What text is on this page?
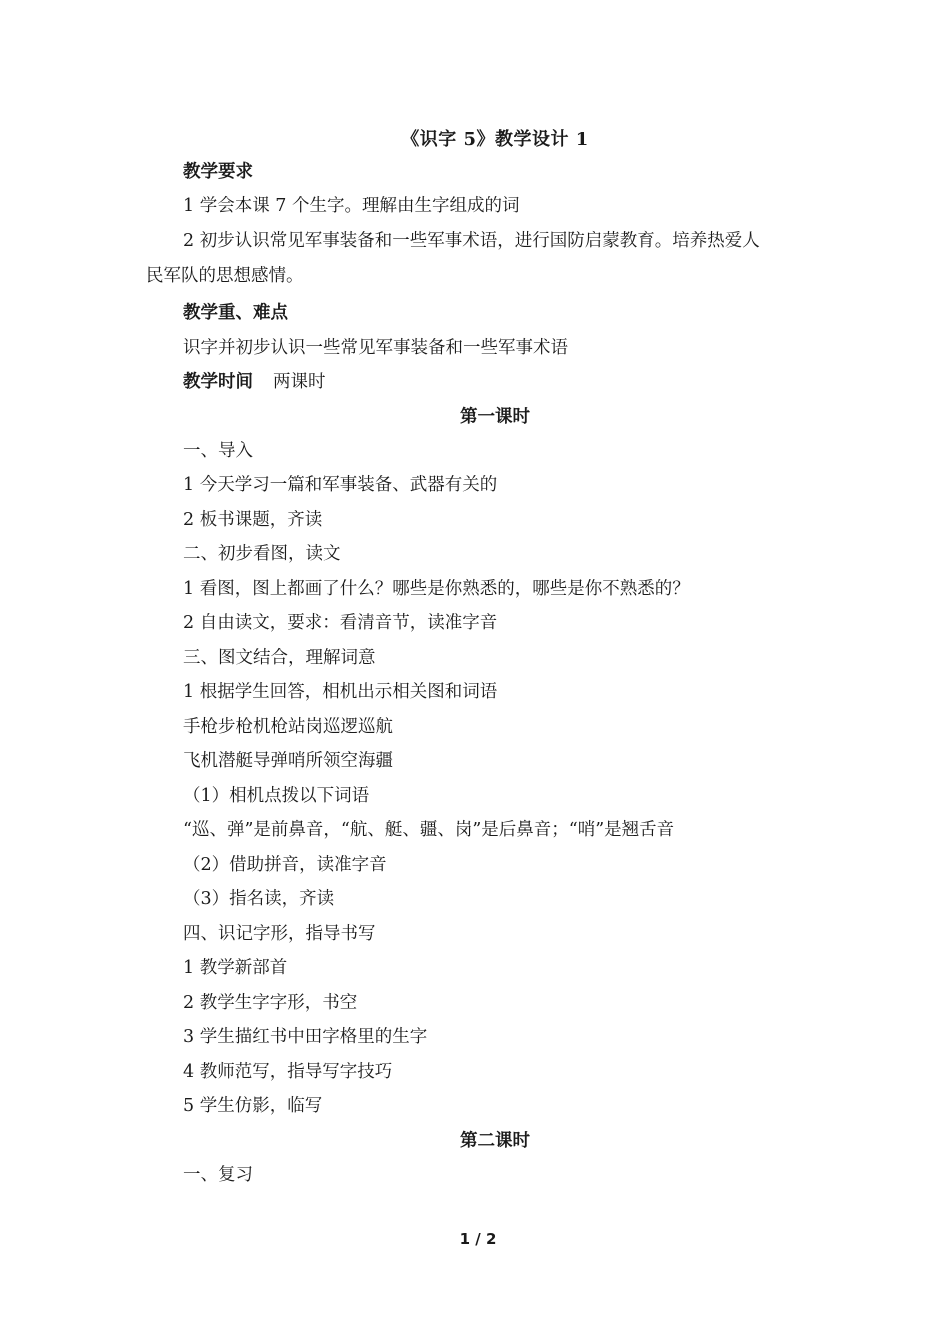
《识字 5》教学设计 1
教学要求
1 学会本课 7 个生字。理解由生字组成的词
2 初步认识常见军事装备和一些军事术语，进行国防启蒙教育。培养热爱人
民军队的思想感情。
教学重、难点
识字并初步认识一些常见军事装备和一些军事术语
教学时间 两课时
第一课时
一、导入
1 今天学习一篇和军事装备、武器有关的
2 板书课题，齐读
二、初步看图，读文
1 看图，图上都画了什么？哪些是你熟悉的，哪些是你不熟悉的？
2 自由读文，要求：看清音节，读准字音
三、图文结合，理解词意
1 根据学生回答，相机出示相关图和词语
手枪步枪机枪站岗巡逻巡航
飞机潜艇导弹哨所领空海疆
（1）相机点拨以下词语
“巡、弹”是前鼻音，“航、艇、疆、岗”是后鼻音；“哨”是翘舌音
（2）借助拼音，读准字音
（3）指名读，齐读
四、识记字形，指导书写
1 教学新部首
2 教学生字字形，书空
3 学生描红书中田字格里的生字
4 教师范写，指导写字技巧
5 学生仿影，临写
第二课时
一、复习
1 / 2
